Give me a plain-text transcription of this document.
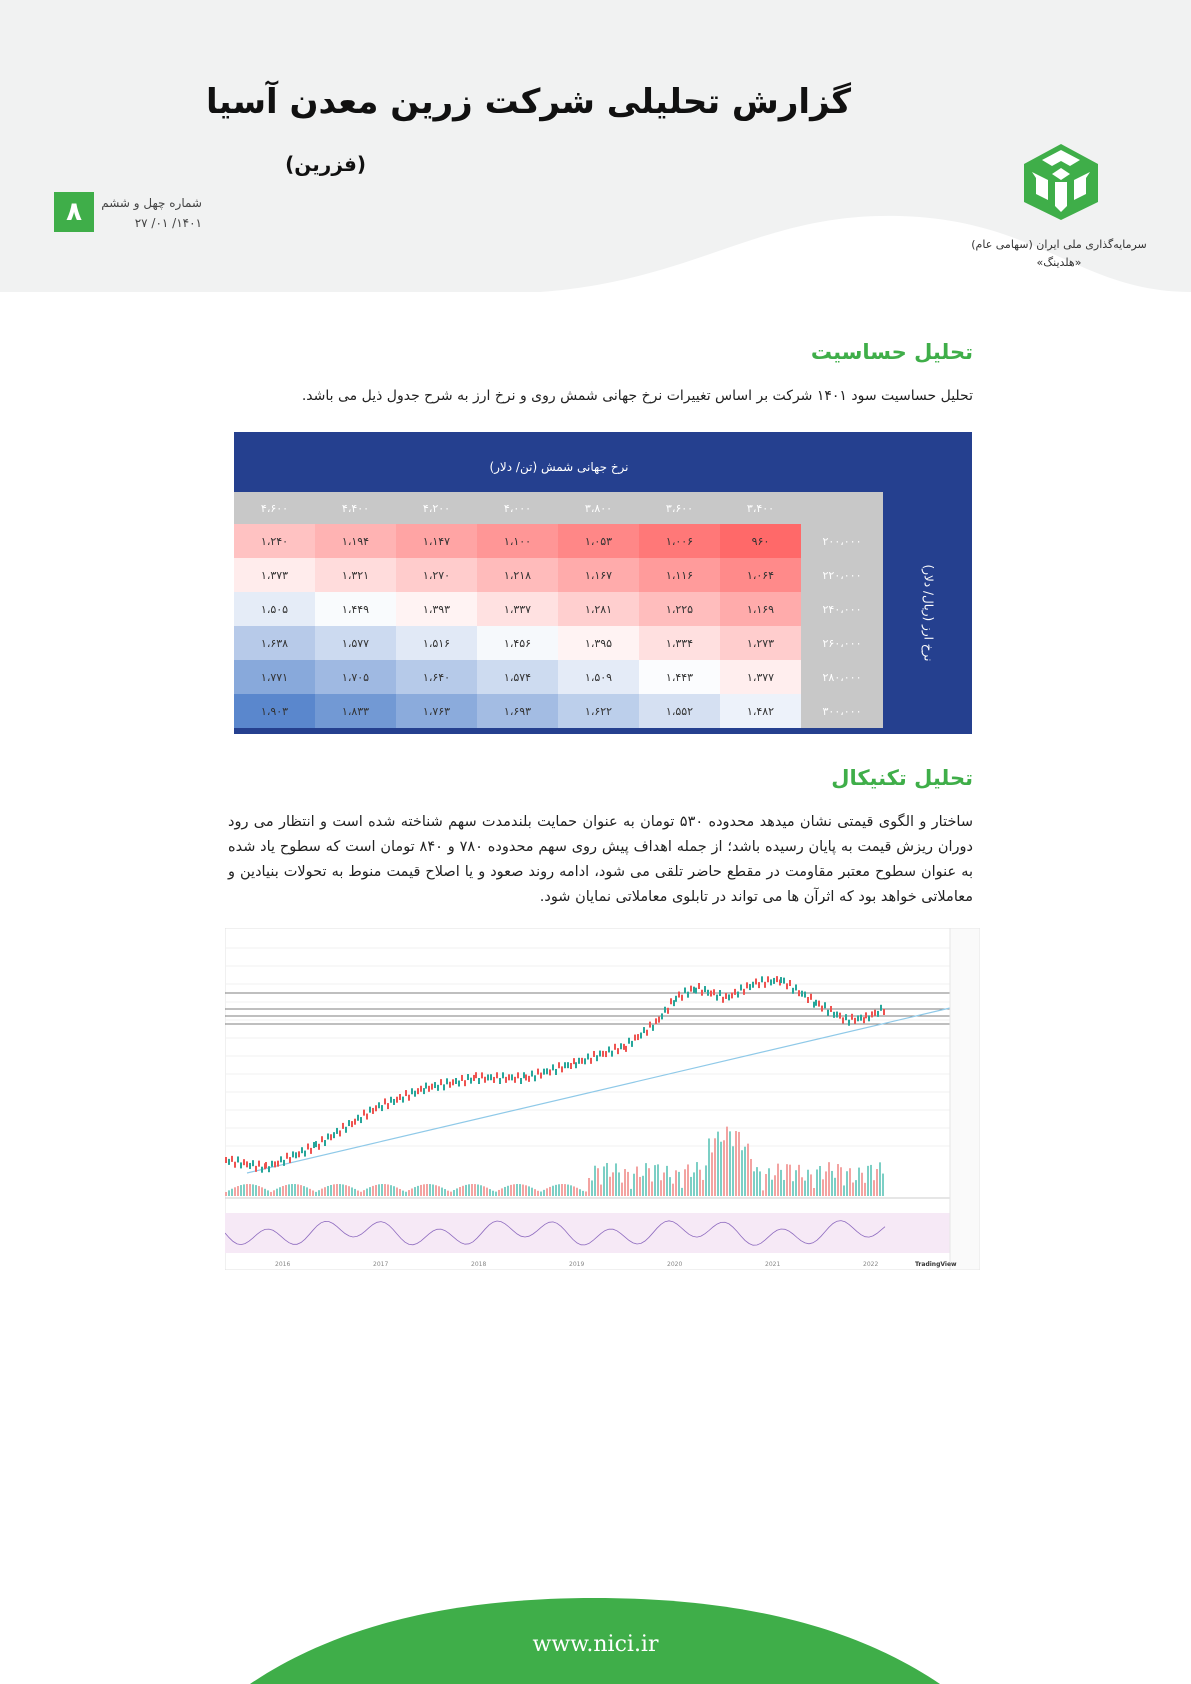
گزارش تحلیلی شرکت زرین معدن آسیا
(فزرین)
۸	شماره چهل و ششم
۱۴۰۱/ ۰۱/ ۲۷
سرمایه‌گذاری ملی ایران (سهامی عام)
«هلدینگ»
تحلیل حساسیت
تحلیل حساسیت سود ۱۴۰۱ شرکت بر اساس تغییرات نرخ جهانی شمش روی و نرخ ارز به شرح جدول ذیل می باشد.
نرخ جهانی شمش (تن/ دلار)
۴،۶۰۰	۴،۴۰۰	۴،۲۰۰	۴،۰۰۰	۳،۸۰۰	۳،۶۰۰	۳،۴۰۰	
۱،۲۴۰	۱،۱۹۴	۱،۱۴۷	۱،۱۰۰	۱،۰۵۳	۱،۰۰۶	۹۶۰	۲۰۰،۰۰۰
۱،۳۷۳	۱،۳۲۱	۱،۲۷۰	۱،۲۱۸	۱،۱۶۷	۱،۱۱۶	۱،۰۶۴	۲۲۰،۰۰۰
۱،۵۰۵	۱،۴۴۹	۱،۳۹۳	۱،۳۳۷	۱،۲۸۱	۱،۲۲۵	۱،۱۶۹	۲۴۰،۰۰۰
۱،۶۳۸	۱،۵۷۷	۱،۵۱۶	۱،۴۵۶	۱،۳۹۵	۱،۳۳۴	۱،۲۷۳	۲۶۰،۰۰۰
۱،۷۷۱	۱،۷۰۵	۱،۶۴۰	۱،۵۷۴	۱،۵۰۹	۱،۴۴۳	۱،۳۷۷	۲۸۰،۰۰۰
۱،۹۰۳	۱،۸۳۳	۱،۷۶۳	۱،۶۹۳	۱،۶۲۲	۱،۵۵۲	۱،۴۸۲	۳۰۰،۰۰۰
نرخ ارز (ریال/ دلار)
تحلیل تکنیکال
ساختار و الگوی قیمتی نشان میدهد محدوده ۵۳۰ تومان به عنوان حمایت بلندمدت سهم شناخته شده است و انتظار می رود دوران ریزش قیمت به پایان رسیده باشد؛ از جمله اهداف پیش روی سهم محدوده ۷۸۰ و ۸۴۰ تومان است که سطوح یاد شده به عنوان سطوح معتبر مقاومت در مقطع حاضر تلقی می شود، ادامه روند صعود و یا اصلاح قیمت منوط به تحولات بنیادین و معاملاتی خواهد بود که اثرآن ها می تواند در تابلوی معاملاتی نمایان شود.
2016	2017	2018	2019	2020	2021	2022	TradingView
www.nici.ir
